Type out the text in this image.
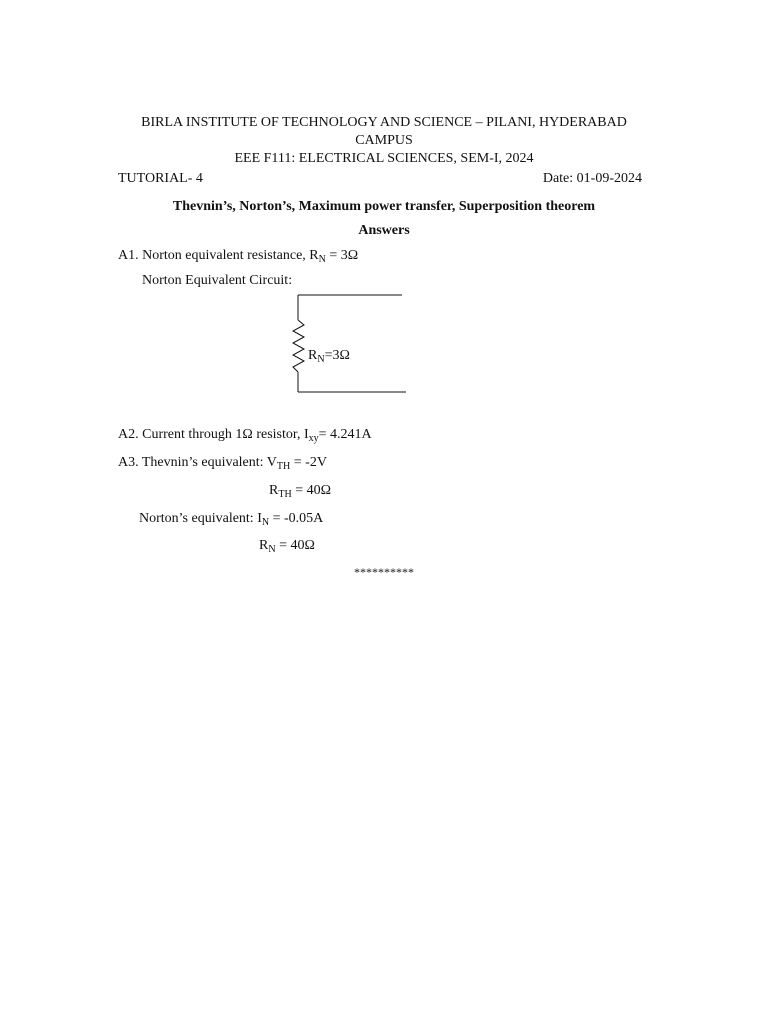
BIRLA INSTITUTE OF TECHNOLOGY AND SCIENCE – PILANI, HYDERABAD
CAMPUS
EEE F111: ELECTRICAL SCIENCES, SEM-I, 2024
TUTORIAL- 4	Date: 01-09-2024
Thevnin’s, Norton’s, Maximum power transfer, Superposition theorem
Answers
A1. Norton equivalent resistance, $R_N = 3\Omega$
Norton Equivalent Circuit:
$R_N=3\Omega$
A2. Current through 1Ω resistor, $I_{xy}= 4.241A$
A3. Thevnin’s equivalent: $V_{TH} = -2V$
$R_{TH} = 40\Omega$
Norton’s equivalent: $I_N = -0.05A$
$R_N = 40\Omega$
**********
